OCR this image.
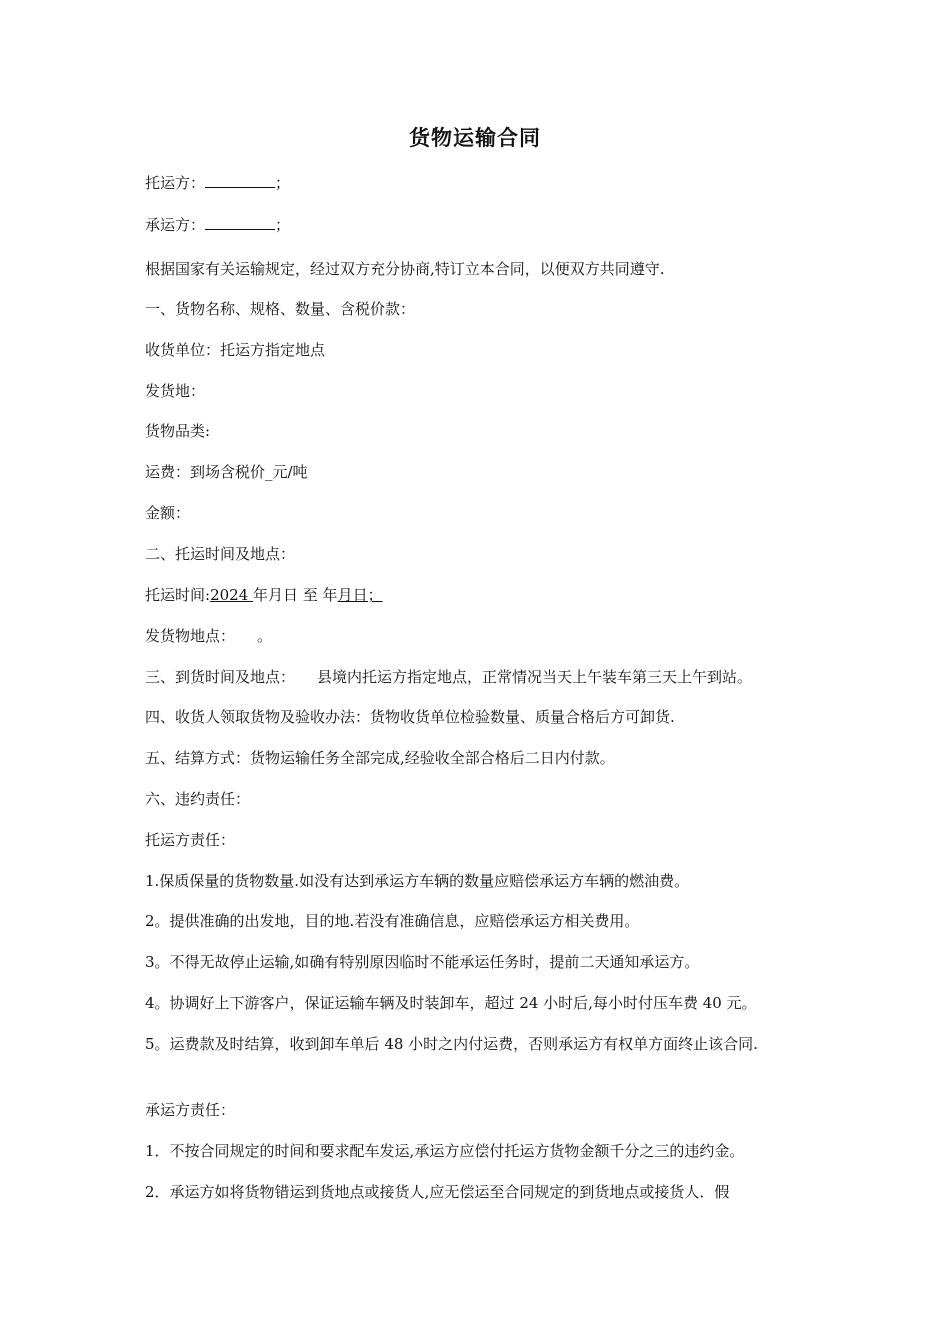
货物运输合同
托运方：	；
承运方：	；
根据国家有关运输规定，经过双方充分协商,特订立本合同，以便双方共同遵守.
一、货物名称、规格、数量、含税价款：
收货单位：托运方指定地点
发货地：
货物品类:
运费：到场含税价_元/吨
金额：
二、托运时间及地点：
托运时间:2024 年月日 至 年月日；
发货物地点： 。
三、到货时间及地点： 县境内托运方指定地点，正常情况当天上午装车第三天上午到站。
四、收货人领取货物及验收办法：货物收货单位检验数量、质量合格后方可卸货.
五、结算方式：货物运输任务全部完成,经验收全部合格后二日内付款。
六、违约责任：
托运方责任：
1.保质保量的货物数量.如没有达到承运方车辆的数量应赔偿承运方车辆的燃油费。
2。提供准确的出发地，目的地.若没有准确信息，应赔偿承运方相关费用。
3。不得无故停止运输,如确有特别原因临时不能承运任务时，提前二天通知承运方。
4。协调好上下游客户，保证运输车辆及时装卸车，超过 24 小时后,每小时付压车费 40 元。
5。运费款及时结算，收到卸车单后 48 小时之内付运费，否则承运方有权单方面终止该合同.
承运方责任：
1．不按合同规定的时间和要求配车发运,承运方应偿付托运方货物金额千分之三的违约金。
2．承运方如将货物错运到货地点或接货人,应无偿运至合同规定的到货地点或接货人．假
